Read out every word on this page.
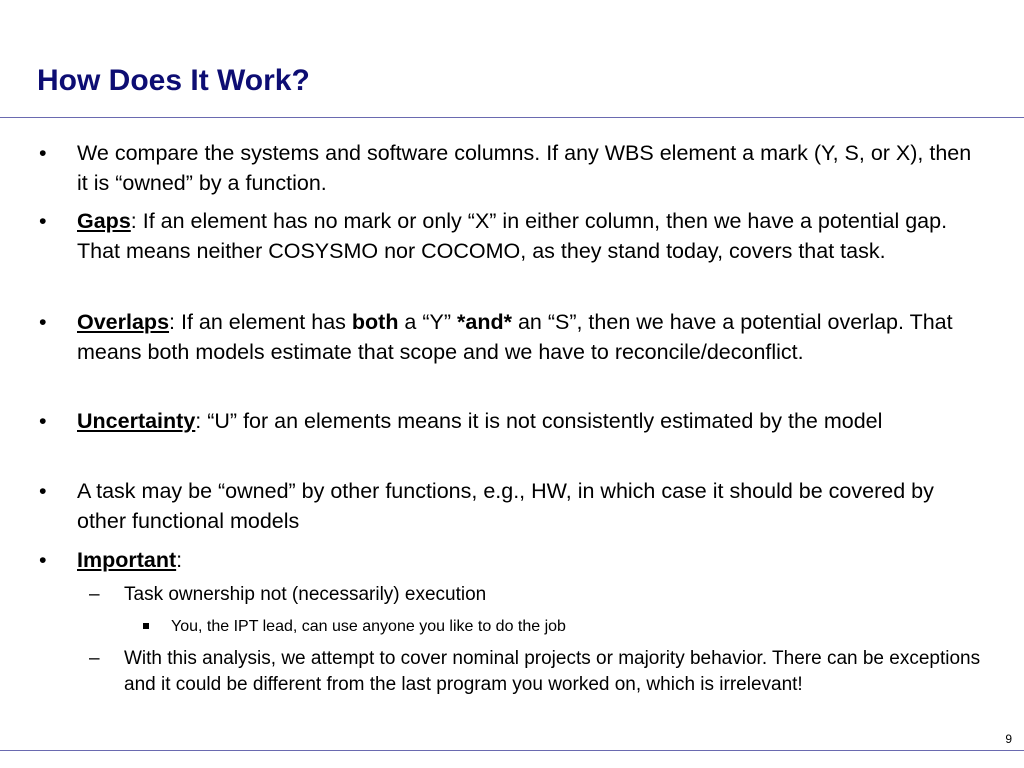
How Does It Work?
•	We compare the systems and software columns. If any WBS element a mark (Y, S, or X), then it is “owned” by a function.
•	Gaps: If an element has no mark or only “X” in either column, then we have a potential gap. That means neither COSYSMO nor COCOMO, as they stand today, covers that task.
•	Overlaps: If an element has both a “Y” *and* an “S”, then we have a potential overlap. That means both models estimate that scope and we have to reconcile/deconflict.
•	Uncertainty: “U” for an elements means it is not consistently estimated by the model
•	A task may be “owned” by other functions, e.g., HW, in which case it should be covered by other functional models
•	Important:
– Task ownership not (necessarily) execution
You, the IPT lead, can use anyone you like to do the job
– With this analysis, we attempt to cover nominal projects or majority behavior. There can be exceptions and it could be different from the last program you worked on, which is irrelevant!
9
